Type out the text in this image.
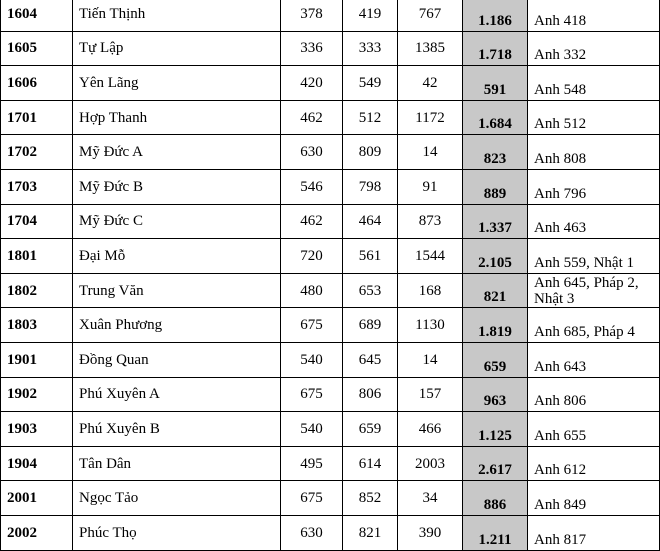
1604	Tiến Thịnh	378	419	767	1.186	Anh 418

1605	Tự Lập	336	333	1385	1.718	Anh 332

1606	Yên Lãng	420	549	42	591	Anh 548

1701	Hợp Thanh	462	512	1172	1.684	Anh 512

1702	Mỹ Đức A	630	809	14	823	Anh 808

1703	Mỹ Đức B	546	798	91	889	Anh 796

1704	Mỹ Đức C	462	464	873	1.337	Anh 463

1801	Đại Mỗ	720	561	1544	2.105	Anh 559, Nhật 1

1802	Trung Văn	480	653	168	821	Anh 645, Pháp 2,
Nhật 3

1803	Xuân Phương	675	689	1130	1.819	Anh 685, Pháp 4

1901	Đồng Quan	540	645	14	659	Anh 643

1902	Phú Xuyên A	675	806	157	963	Anh 806

1903	Phú Xuyên B	540	659	466	1.125	Anh 655

1904	Tân Dân	495	614	2003	2.617	Anh 612

2001	Ngọc Tảo	675	852	34	886	Anh 849

2002	Phúc Thọ	630	821	390	1.211	Anh 817
